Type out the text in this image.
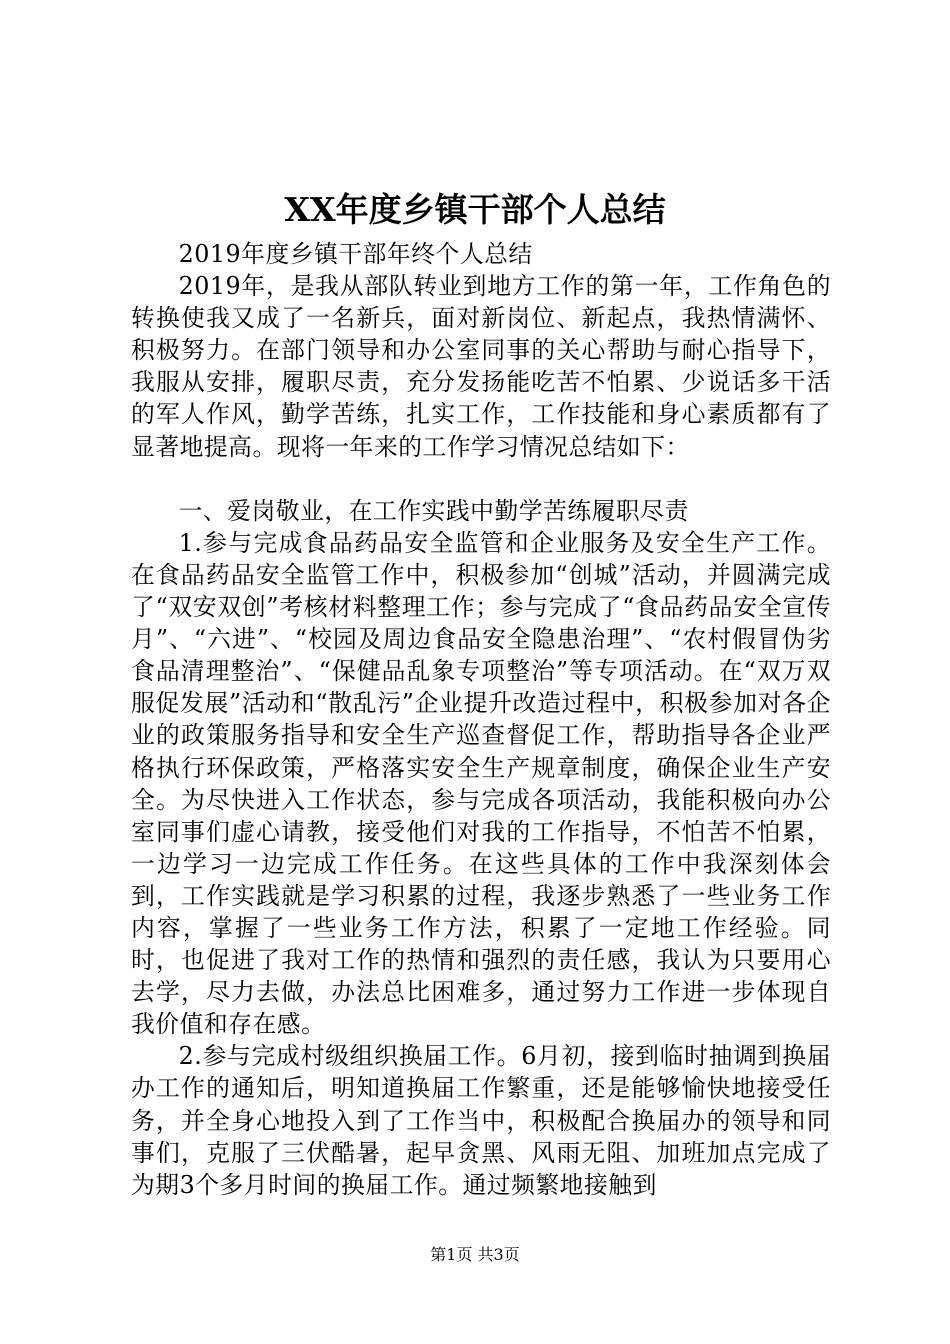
XX年度乡镇干部个人总结

2019年度乡镇干部年终个人总结

2019年，是我从部队转业到地方工作的第一年，工作角色的转换使我又成了一名新兵，面对新岗位、新起点，我热情满怀、积极努力。在部门领导和办公室同事的关心帮助与耐心指导下，我服从安排，履职尽责，充分发扬能吃苦不怕累、少说话多干活的军人作风，勤学苦练，扎实工作，工作技能和身心素质都有了显著地提高。现将一年来的工作学习情况总结如下：

一、爱岗敬业，在工作实践中勤学苦练履职尽责

1.参与完成食品药品安全监管和企业服务及安全生产工作。在食品药品安全监管工作中，积极参加“创城”活动，并圆满完成了“双安双创”考核材料整理工作；参与完成了“食品药品安全宣传月”、“六进”、“校园及周边食品安全隐患治理”、“农村假冒伪劣食品清理整治”、“保健品乱象专项整治”等专项活动。在“双万双服促发展”活动和“散乱污”企业提升改造过程中，积极参加对各企业的政策服务指导和安全生产巡查督促工作，帮助指导各企业严格执行环保政策，严格落实安全生产规章制度，确保企业生产安全。为尽快进入工作状态，参与完成各项活动，我能积极向办公室同事们虚心请教，接受他们对我的工作指导，不怕苦不怕累，一边学习一边完成工作任务。在这些具体的工作中我深刻体会到，工作实践就是学习积累的过程，我逐步熟悉了一些业务工作内容，掌握了一些业务工作方法，积累了一定地工作经验。同时，也促进了我对工作的热情和强烈的责任感，我认为只要用心去学，尽力去做，办法总比困难多，通过努力工作进一步体现自我价值和存在感。

2.参与完成村级组织换届工作。6月初，接到临时抽调到换届办工作的通知后，明知道换届工作繁重，还是能够愉快地接受任务，并全身心地投入到了工作当中，积极配合换届办的领导和同事们，克服了三伏酷暑，起早贪黑、风雨无阻、加班加点完成了为期3个多月时间的换届工作。通过频繁地接触到

第1页 共3页
